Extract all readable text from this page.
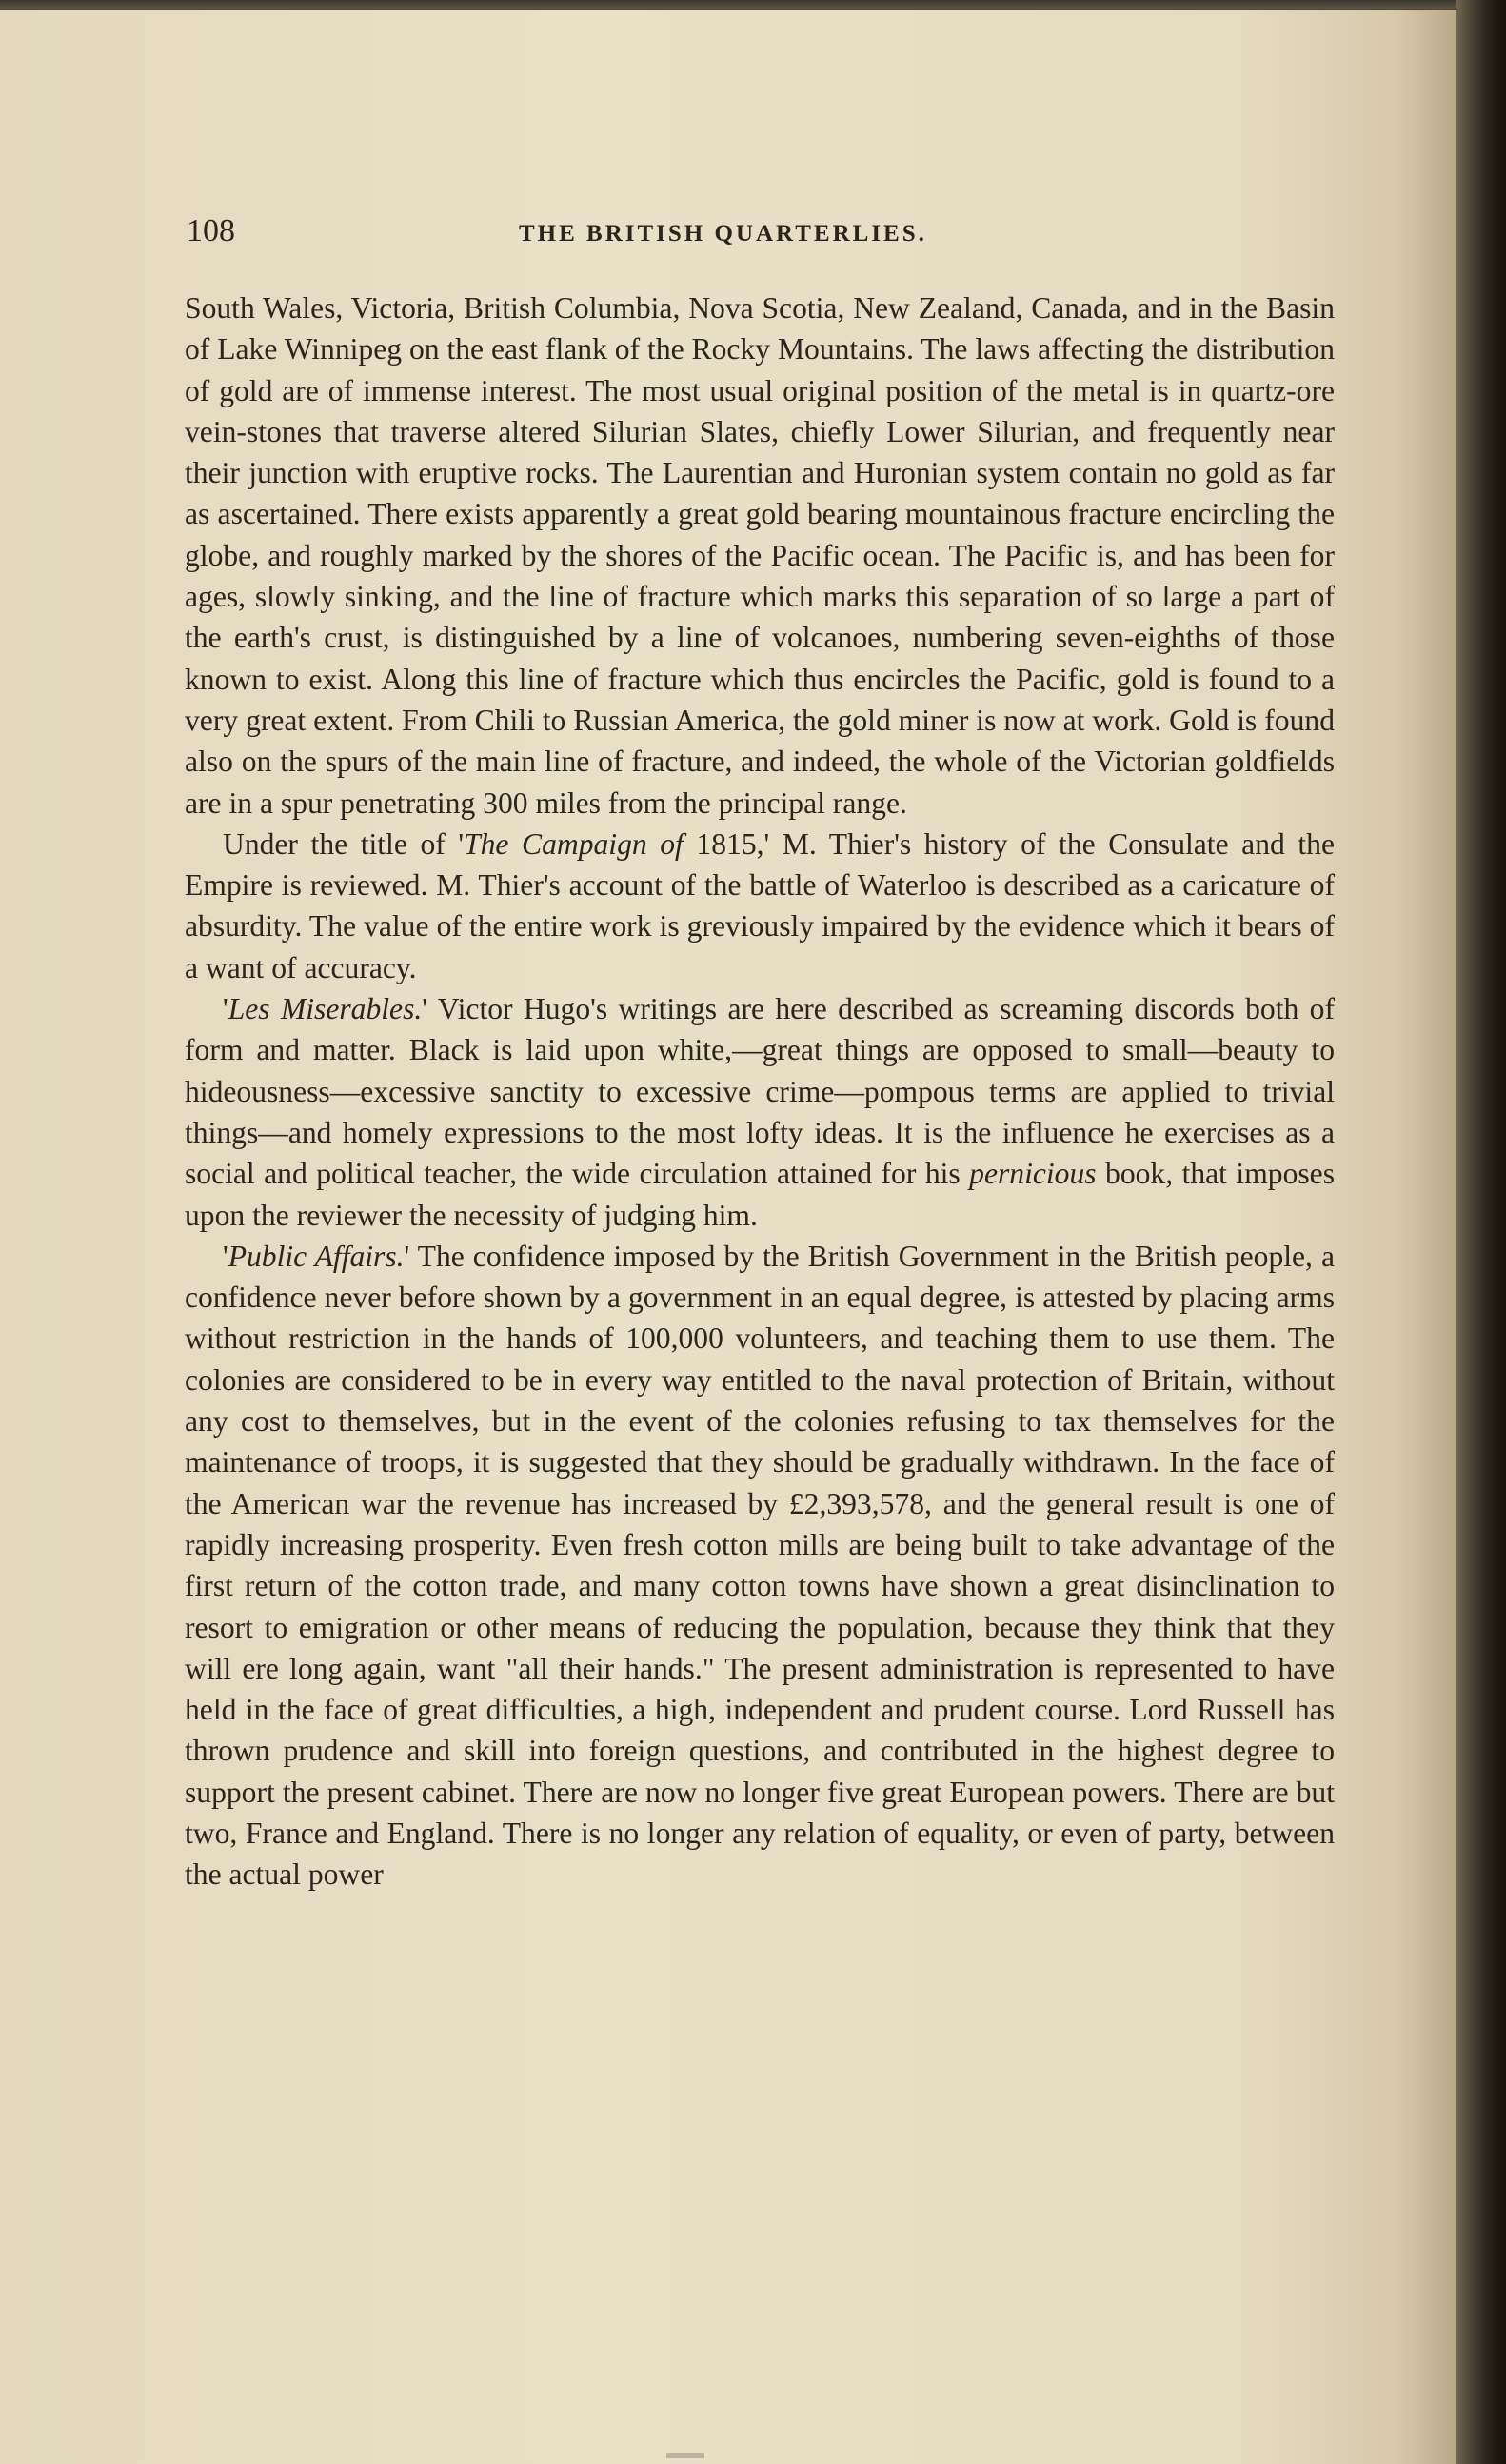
108	THE BRITISH QUARTERLIES.

South Wales, Victoria, British Columbia, Nova Scotia, New Zealand, Canada, and in the Basin of Lake Winnipeg on the east flank of the Rocky Mountains. The laws affecting the distribution of gold are of immense interest. The most usual original position of the metal is in quartz-ore vein-stones that traverse altered Silurian Slates, chiefly Lower Silurian, and frequently near their junction with eruptive rocks. The Laurentian and Huronian system contain no gold as far as ascertained. There exists apparently a great gold bearing mountainous fracture encircling the globe, and roughly marked by the shores of the Pacific ocean. The Pacific is, and has been for ages, slowly sinking, and the line of fracture which marks this separation of so large a part of the earth's crust, is distinguished by a line of volcanoes, numbering seven-eighths of those known to exist. Along this line of fracture which thus encircles the Pacific, gold is found to a very great extent. From Chili to Russian America, the gold miner is now at work. Gold is found also on the spurs of the main line of fracture, and indeed, the whole of the Victorian goldfields are in a spur penetrating 300 miles from the principal range.

Under the title of 'The Campaign of 1815,' M. Thier's history of the Consulate and the Empire is reviewed. M. Thier's account of the battle of Waterloo is described as a caricature of absurdity. The value of the entire work is greviously impaired by the evidence which it bears of a want of accuracy.

'Les Miserables.' Victor Hugo's writings are here described as screaming discords both of form and matter. Black is laid upon white,—great things are opposed to small—beauty to hideousness—excessive sanctity to excessive crime—pompous terms are applied to trivial things—and homely expressions to the most lofty ideas. It is the influence he exercises as a social and political teacher, the wide circulation attained for his pernicious book, that imposes upon the reviewer the necessity of judging him.

'Public Affairs.' The confidence imposed by the British Government in the British people, a confidence never before shown by a government in an equal degree, is attested by placing arms without restriction in the hands of 100,000 volunteers, and teaching them to use them. The colonies are considered to be in every way entitled to the naval protection of Britain, without any cost to themselves, but in the event of the colonies refusing to tax themselves for the maintenance of troops, it is suggested that they should be gradually withdrawn. In the face of the American war the revenue has increased by £2,393,578, and the general result is one of rapidly increasing prosperity. Even fresh cotton mills are being built to take advantage of the first return of the cotton trade, and many cotton towns have shown a great disinclination to resort to emigration or other means of reducing the population, because they think that they will ere long again, want "all their hands." The present administration is represented to have held in the face of great difficulties, a high, independent and prudent course. Lord Russell has thrown prudence and skill into foreign questions, and contributed in the highest degree to support the present cabinet. There are now no longer five great European powers. There are but two, France and England. There is no longer any relation of equality, or even of party, between the actual power
